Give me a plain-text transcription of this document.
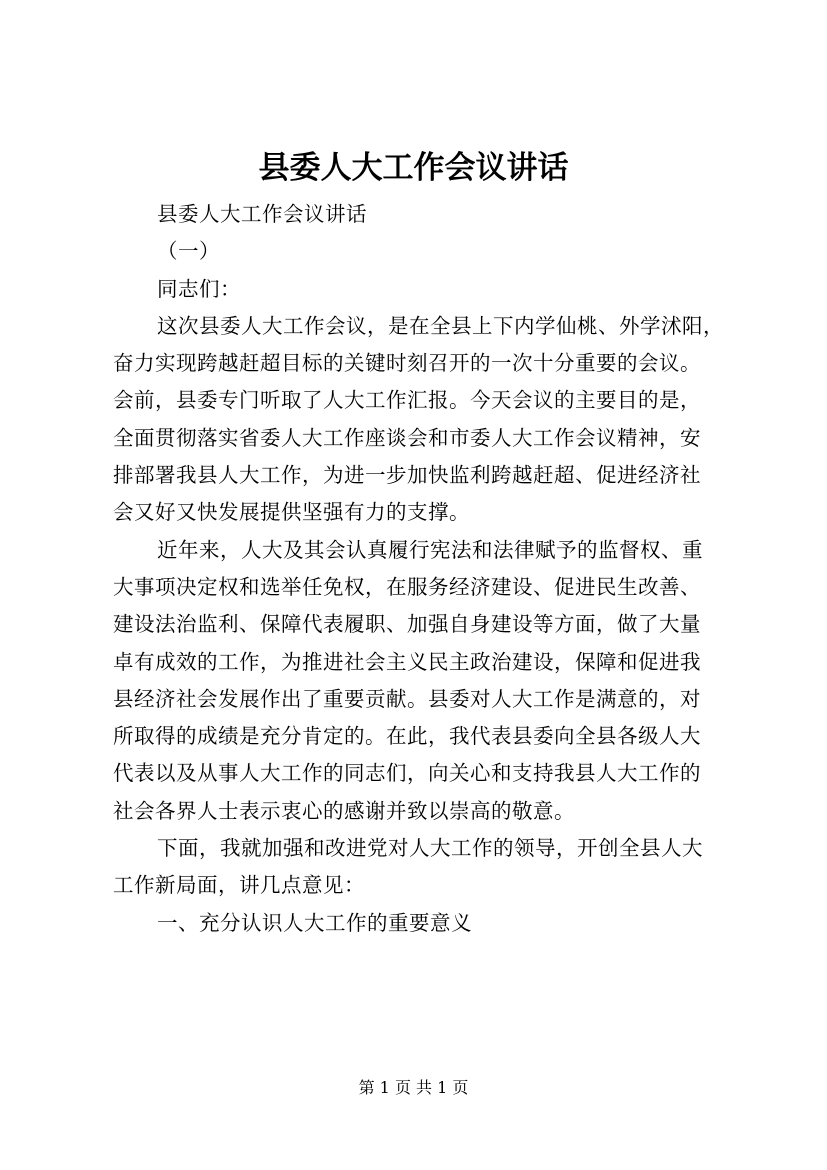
县委人大工作会议讲话
县委人大工作会议讲话
（一）
同志们：
这次县委人大工作会议，是在全县上下内学仙桃、外学沭阳，
奋力实现跨越赶超目标的关键时刻召开的一次十分重要的会议。
会前，县委专门听取了人大工作汇报。今天会议的主要目的是，
全面贯彻落实省委人大工作座谈会和市委人大工作会议精神，安
排部署我县人大工作，为进一步加快监利跨越赶超、促进经济社
会又好又快发展提供坚强有力的支撑。
近年来，人大及其会认真履行宪法和法律赋予的监督权、重
大事项决定权和选举任免权，在服务经济建设、促进民生改善、
建设法治监利、保障代表履职、加强自身建设等方面，做了大量
卓有成效的工作，为推进社会主义民主政治建设，保障和促进我
县经济社会发展作出了重要贡献。县委对人大工作是满意的，对
所取得的成绩是充分肯定的。在此，我代表县委向全县各级人大
代表以及从事人大工作的同志们，向关心和支持我县人大工作的
社会各界人士表示衷心的感谢并致以崇高的敬意。
下面，我就加强和改进党对人大工作的领导，开创全县人大
工作新局面，讲几点意见：
一、充分认识人大工作的重要意义
第 1 页 共 1 页
